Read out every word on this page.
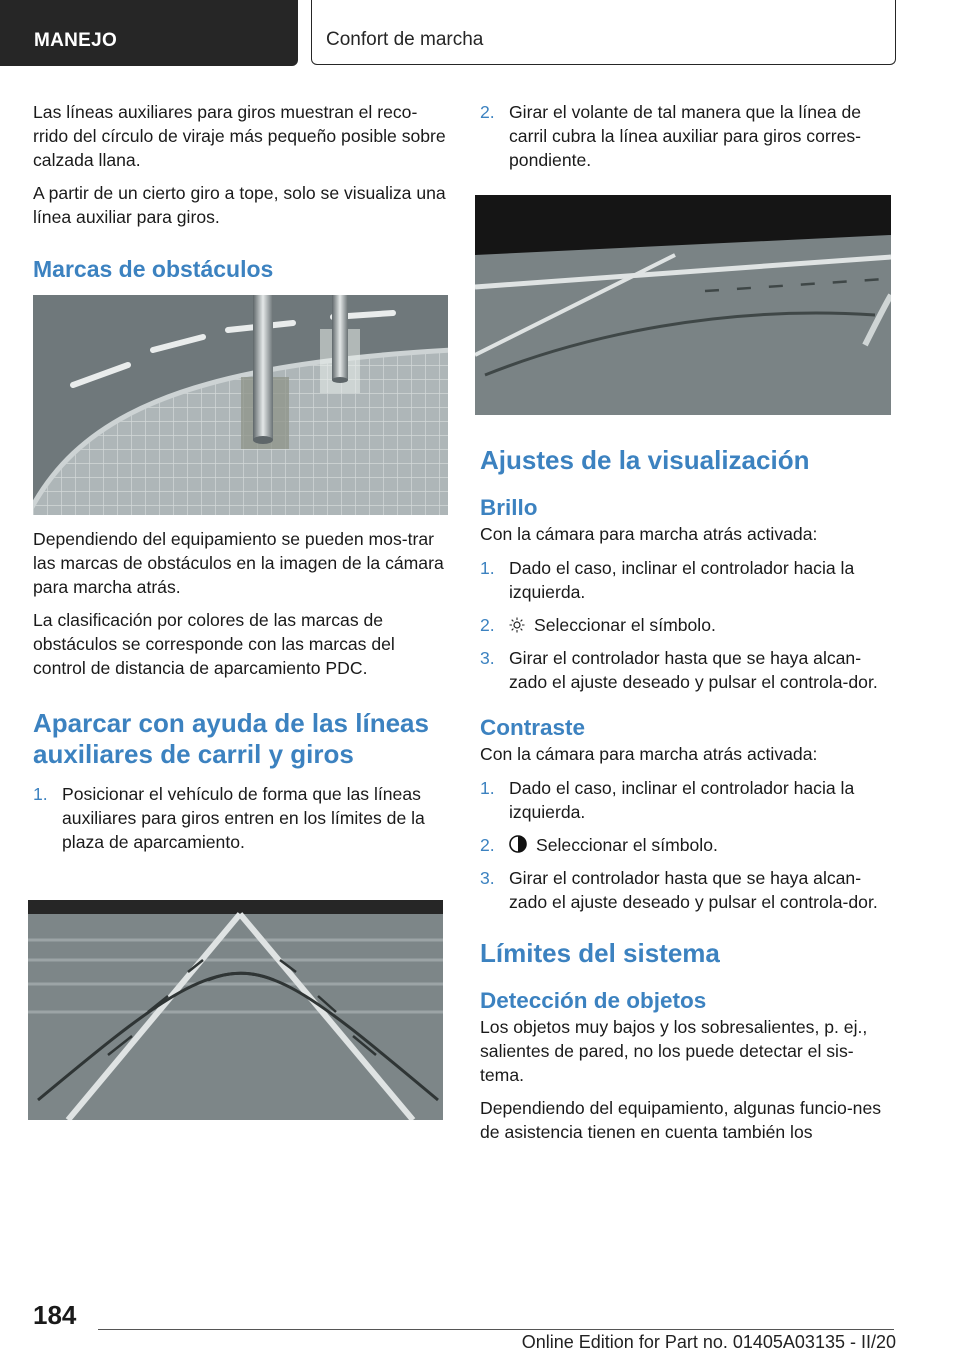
MANEJO	Confort de marcha

Las líneas auxiliares para giros muestran el reco-rrido del círculo de viraje más pequeño posible sobre calzada llana.

A partir de un cierto giro a tope, solo se visualiza una línea auxiliar para giros.

Marcas de obstáculos

Dependiendo del equipamiento se pueden mos-trar las marcas de obstáculos en la imagen de la cámara para marcha atrás.

La clasificación por colores de las marcas de obstáculos se corresponde con las marcas del control de distancia de aparcamiento PDC.

Aparcar con ayuda de las líneas auxiliares de carril y giros
1. Posicionar el vehículo de forma que las líneas auxiliares para giros entren en los límites de la plaza de aparcamiento.
2. Girar el volante de tal manera que la línea de carril cubra la línea auxiliar para giros corres-pondiente.
Ajustes de la visualización
Brillo

Con la cámara para marcha atrás activada:

1. Dado el caso, inclinar el controlador hacia la izquierda.
2. Seleccionar el símbolo.
3. Girar el controlador hasta que se haya alcan-zado el ajuste deseado y pulsar el controla-dor.
Contraste

Con la cámara para marcha atrás activada:

1. Dado el caso, inclinar el controlador hacia la izquierda.
2. Seleccionar el símbolo.
3. Girar el controlador hasta que se haya alcan-zado el ajuste deseado y pulsar el controla-dor.
Límites del sistema
Detección de objetos

Los objetos muy bajos y los sobresalientes, p. ej., salientes de pared, no los puede detectar el sis-tema.

Dependiendo del equipamiento, algunas funcio-nes de asistencia tienen en cuenta también los

184
Online Edition for Part no. 01405A03135 - II/20
